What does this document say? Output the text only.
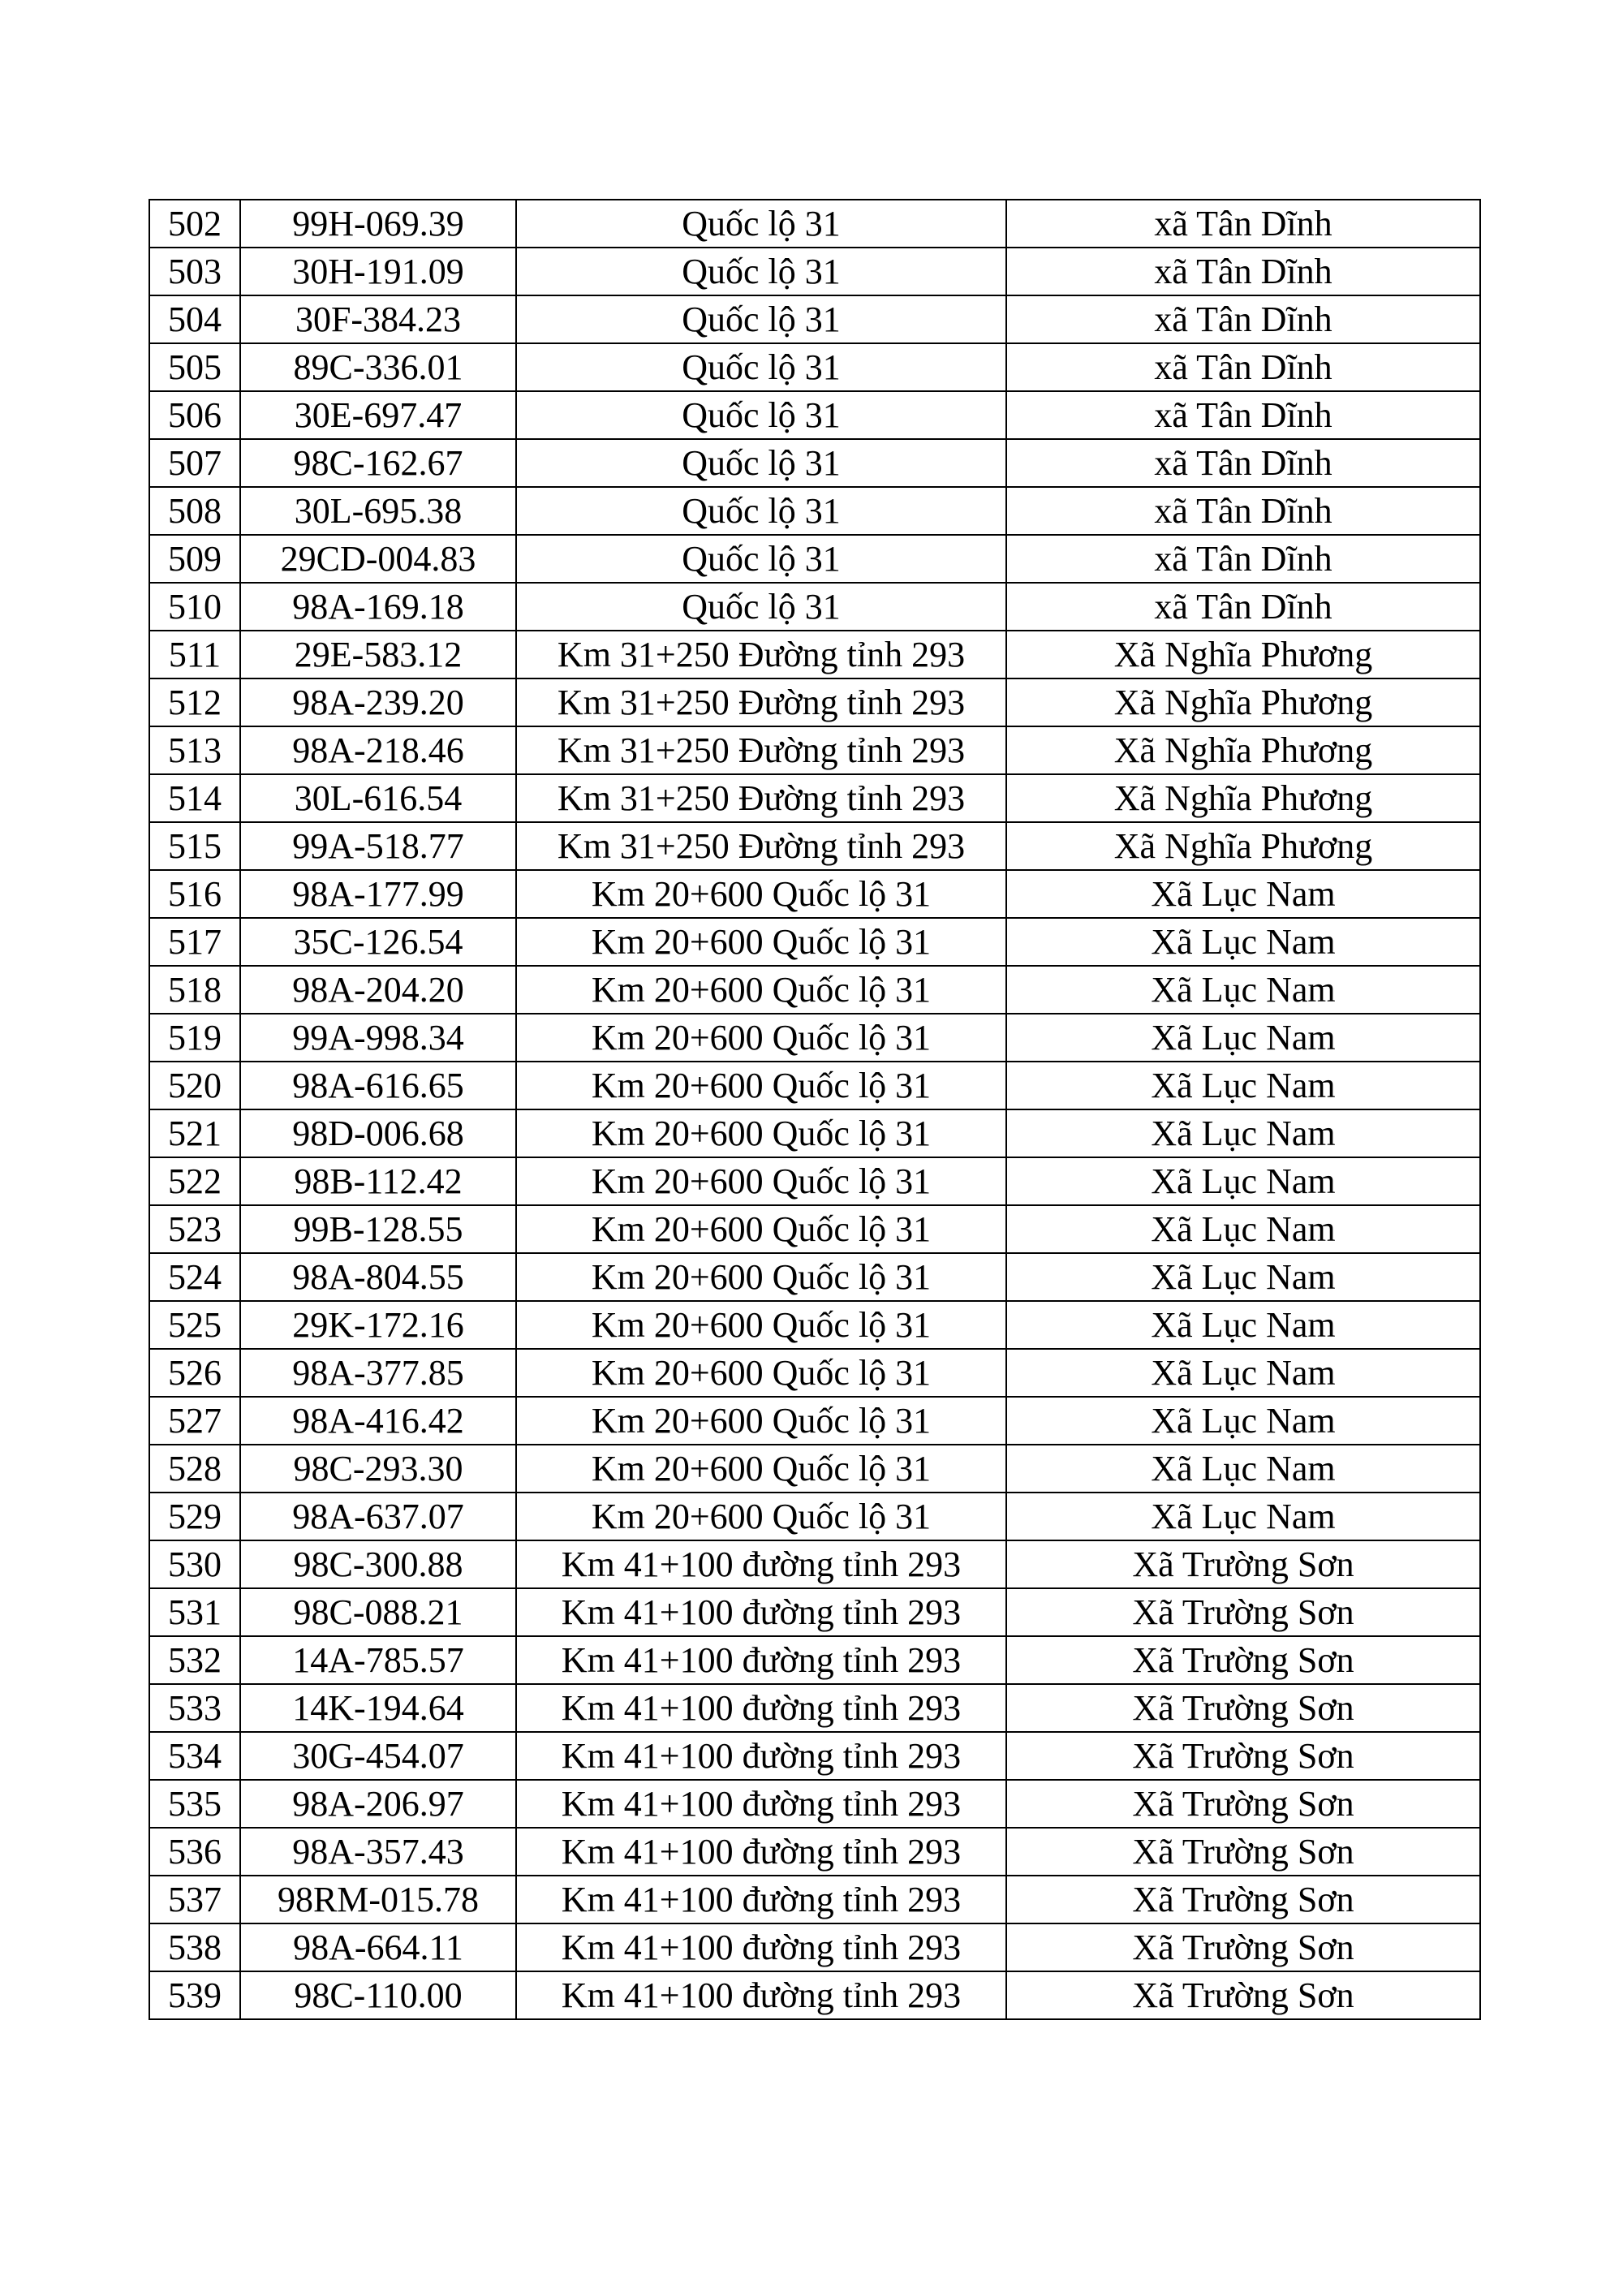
502	99H-069.39	Quốc lộ 31	xã Tân Dĩnh
503	30H-191.09	Quốc lộ 31	xã Tân Dĩnh
504	30F-384.23	Quốc lộ 31	xã Tân Dĩnh
505	89C-336.01	Quốc lộ 31	xã Tân Dĩnh
506	30E-697.47	Quốc lộ 31	xã Tân Dĩnh
507	98C-162.67	Quốc lộ 31	xã Tân Dĩnh
508	30L-695.38	Quốc lộ 31	xã Tân Dĩnh
509	29CD-004.83	Quốc lộ 31	xã Tân Dĩnh
510	98A-169.18	Quốc lộ 31	xã Tân Dĩnh
511	29E-583.12	Km 31+250 Đường tỉnh 293	Xã Nghĩa Phương
512	98A-239.20	Km 31+250 Đường tỉnh 293	Xã Nghĩa Phương
513	98A-218.46	Km 31+250 Đường tỉnh 293	Xã Nghĩa Phương
514	30L-616.54	Km 31+250 Đường tỉnh 293	Xã Nghĩa Phương
515	99A-518.77	Km 31+250 Đường tỉnh 293	Xã Nghĩa Phương
516	98A-177.99	Km 20+600 Quốc lộ 31	Xã Lục Nam
517	35C-126.54	Km 20+600 Quốc lộ 31	Xã Lục Nam
518	98A-204.20	Km 20+600 Quốc lộ 31	Xã Lục Nam
519	99A-998.34	Km 20+600 Quốc lộ 31	Xã Lục Nam
520	98A-616.65	Km 20+600 Quốc lộ 31	Xã Lục Nam
521	98D-006.68	Km 20+600 Quốc lộ 31	Xã Lục Nam
522	98B-112.42	Km 20+600 Quốc lộ 31	Xã Lục Nam
523	99B-128.55	Km 20+600 Quốc lộ 31	Xã Lục Nam
524	98A-804.55	Km 20+600 Quốc lộ 31	Xã Lục Nam
525	29K-172.16	Km 20+600 Quốc lộ 31	Xã Lục Nam
526	98A-377.85	Km 20+600 Quốc lộ 31	Xã Lục Nam
527	98A-416.42	Km 20+600 Quốc lộ 31	Xã Lục Nam
528	98C-293.30	Km 20+600 Quốc lộ 31	Xã Lục Nam
529	98A-637.07	Km 20+600 Quốc lộ 31	Xã Lục Nam
530	98C-300.88	Km 41+100 đường tỉnh 293	Xã Trường Sơn
531	98C-088.21	Km 41+100 đường tỉnh 293	Xã Trường Sơn
532	14A-785.57	Km 41+100 đường tỉnh 293	Xã Trường Sơn
533	14K-194.64	Km 41+100 đường tỉnh 293	Xã Trường Sơn
534	30G-454.07	Km 41+100 đường tỉnh 293	Xã Trường Sơn
535	98A-206.97	Km 41+100 đường tỉnh 293	Xã Trường Sơn
536	98A-357.43	Km 41+100 đường tỉnh 293	Xã Trường Sơn
537	98RM-015.78	Km 41+100 đường tỉnh 293	Xã Trường Sơn
538	98A-664.11	Km 41+100 đường tỉnh 293	Xã Trường Sơn
539	98C-110.00	Km 41+100 đường tỉnh 293	Xã Trường Sơn
